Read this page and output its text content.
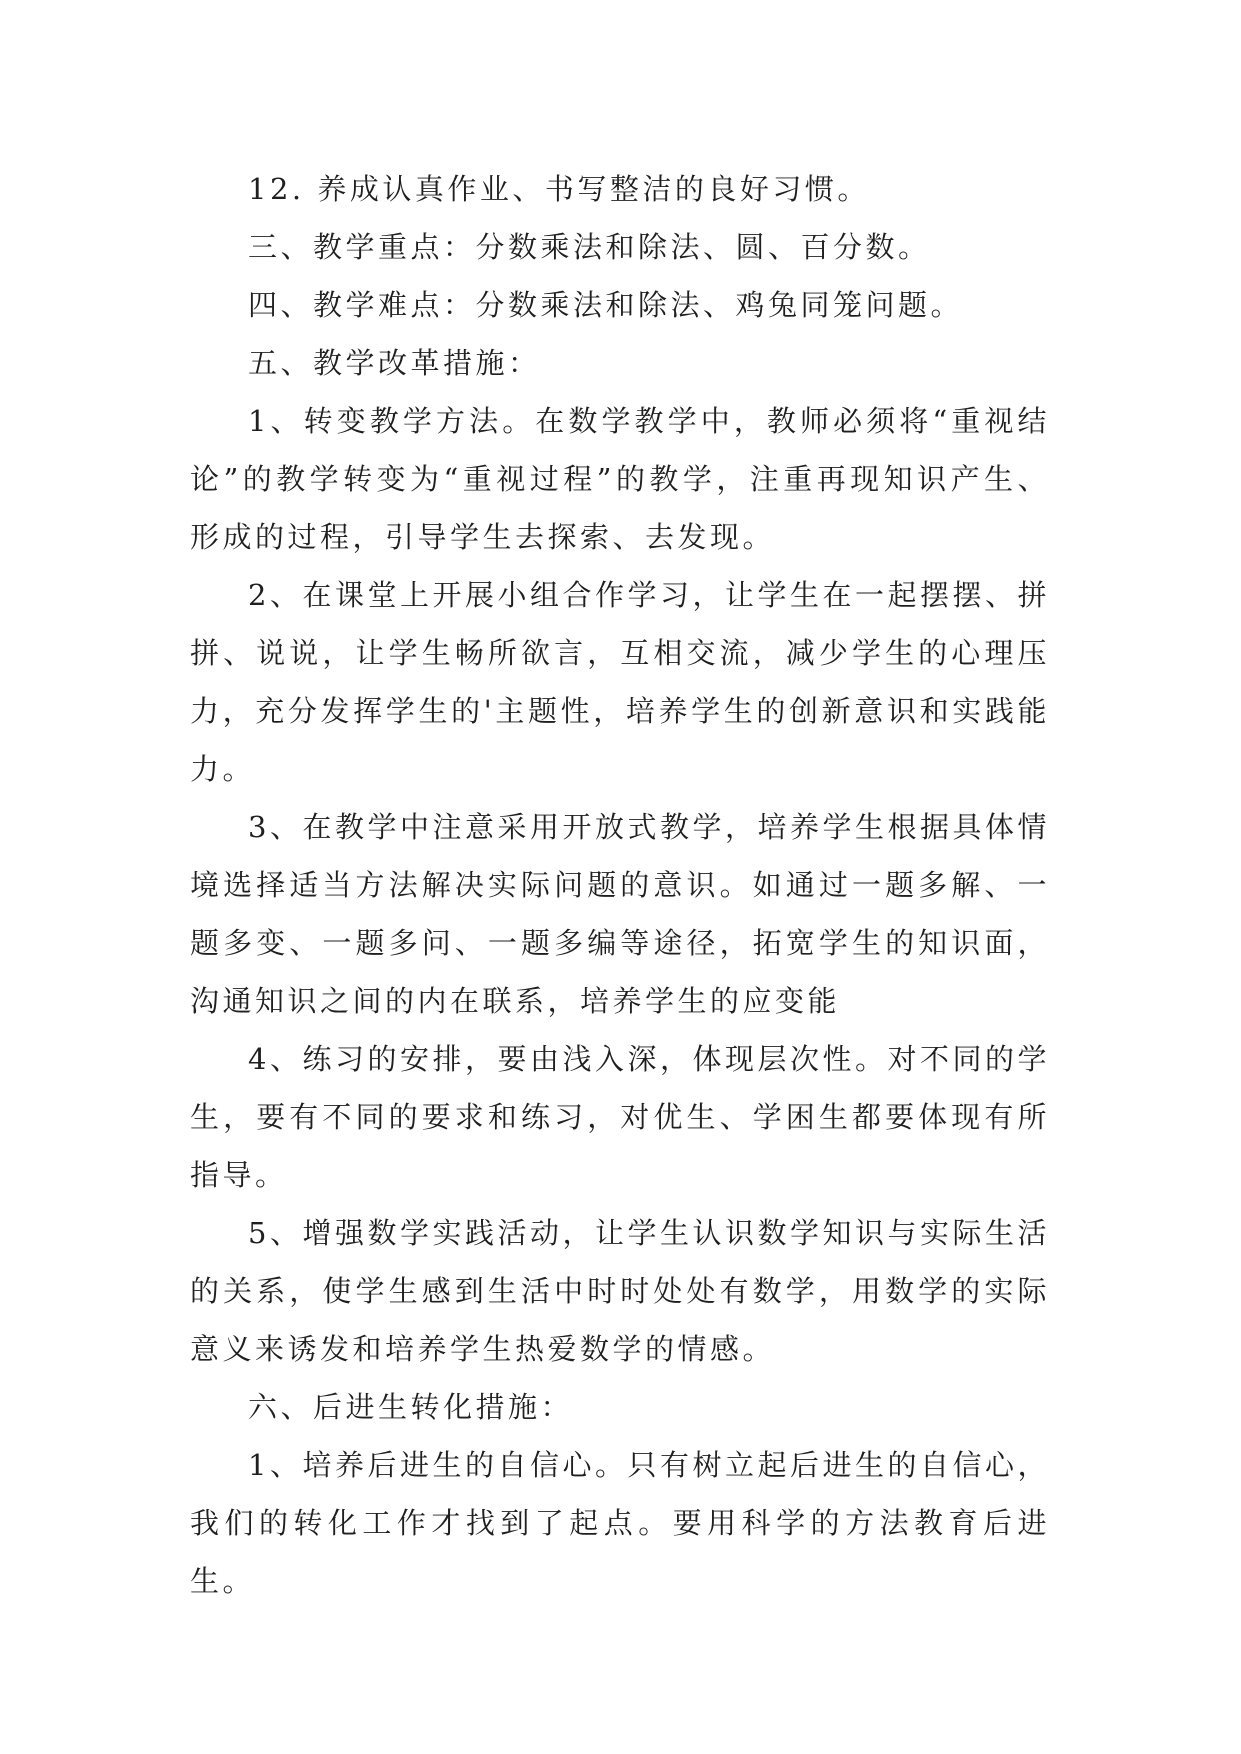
12. 养成认真作业、书写整洁的良好习惯。

三、教学重点：分数乘法和除法、圆、百分数。

四、教学难点：分数乘法和除法、鸡兔同笼问题。

五、教学改革措施：

1、转变教学方法。在数学教学中，教师必须将“重视结论”的教学转变为“重视过程”的教学，注重再现知识产生、形成的过程，引导学生去探索、去发现。

2、在课堂上开展小组合作学习，让学生在一起摆摆、拼拼、说说，让学生畅所欲言，互相交流，减少学生的心理压力，充分发挥学生的'主题性，培养学生的创新意识和实践能力。

3、在教学中注意采用开放式教学，培养学生根据具体情境选择适当方法解决实际问题的意识。如通过一题多解、一题多变、一题多问、一题多编等途径，拓宽学生的知识面，沟通知识之间的内在联系，培养学生的应变能

4、练习的安排，要由浅入深，体现层次性。对不同的学生，要有不同的要求和练习，对优生、学困生都要体现有所指导。

5、增强数学实践活动，让学生认识数学知识与实际生活的关系，使学生感到生活中时时处处有数学，用数学的实际意义来诱发和培养学生热爱数学的情感。

六、后进生转化措施：

1、培养后进生的自信心。只有树立起后进生的自信心，我们的转化工作才找到了起点。要用科学的方法教育后进生。
